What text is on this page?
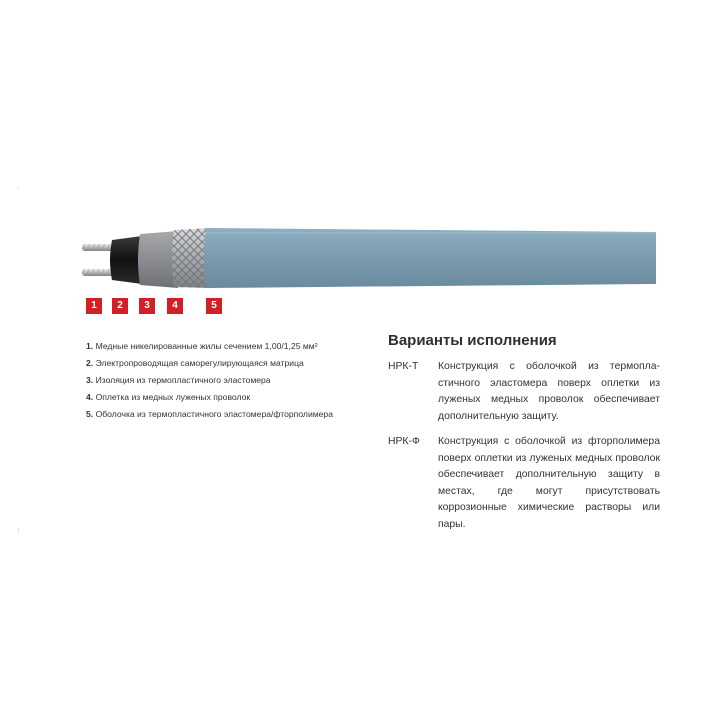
1	2	3	4	5
1. Медные никелированные жилы сечением 1,00/1,25 мм²
2. Электропроводящая саморегулирующаяся матрица
3. Изоляция из термопластичного эластомера
4. Оплетка из медных луженых проволок
5. Оболочка из термопластичного эластомера/фторполимера
Варианты исполнения
НРК-Т	Конструкция с оболочкой из термопластичного эластомера поверх оплетки из луженых медных проволок обеспечивает дополнительную защиту.
НРК-Ф	Конструкция с оболочкой из фторполимера поверх оплетки из луженых медных проволок обеспечивает дополнительную защиту в местах, где могут присутствовать коррозионные химические растворы или пары.
